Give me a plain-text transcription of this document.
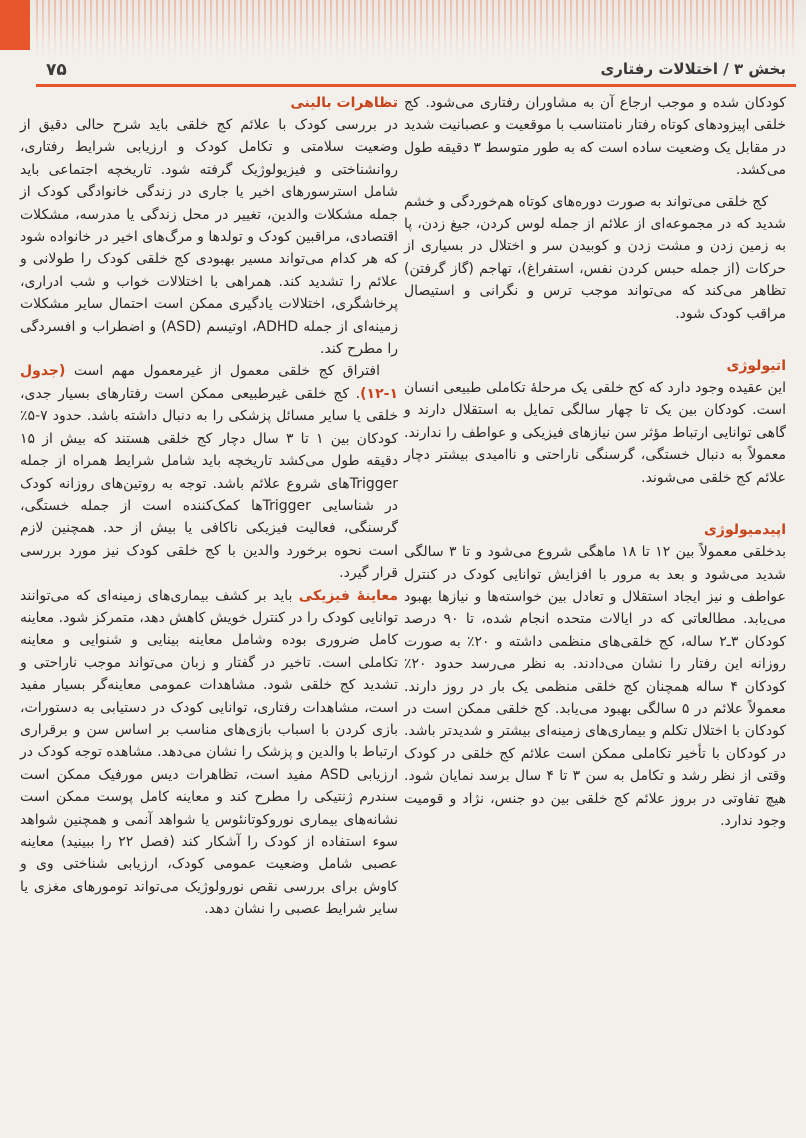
بخش ۳ / اختلالات رفتاری
۷۵

کودکان شده و موجب ارجاع آن به مشاوران رفتاری می‌شود. کج خلقی اپیزودهای کوتاه رفتار نامتناسب با موقعیت و عصبانیت شدید در مقابل یک وضعیت ساده است که به طور متوسط ۳ دقیقه طول می‌کشد.

کج خلقی می‌تواند به صورت دوره‌های کوتاه هم‌خوردگی و خشم شدید که در مجموعه‌ای از علائم از جمله لوس کردن، جیغ زدن، پا به زمین زدن و مشت زدن و کوبیدن سر و اختلال در بسیاری از حرکات (از جمله حبس کردن نفس، استفراغ)، تهاجم (گاز گرفتن) تظاهر می‌کند که می‌تواند موجب ترس و نگرانی و استیصال مراقب کودک شود.

اتیولوژی

این عقیده وجود دارد که کج خلقی یک مرحلهٔ تکاملی طبیعی انسان است. کودکان بین یک تا چهار سالگی تمایل به استقلال دارند و گاهی توانایی ارتباط مؤثر سن نیازهای فیزیکی و عواطف را ندارند. معمولاً به دنبال خستگی، گرسنگی ناراحتی و ناامیدی بیشتر دچار علائم کج خلقی می‌شوند.

اپیدمیولوژی

بدخلقی معمولاً بین ۱۲ تا ۱۸ ماهگی شروع می‌شود و تا ۳ سالگی شدید می‌شود و بعد به مرور با افزایش توانایی کودک در کنترل عواطف و نیز ایجاد استقلال و تعادل بین خواسته‌ها و نیازها بهبود می‌یابد. مطالعاتی که در ایالات متحده انجام شده، تا ۹۰ درصد کودکان ۳ـ۲ ساله، کج خلقی‌های منظمی داشته و ۲۰٪ به صورت روزانه این رفتار را نشان می‌دادند. به نظر می‌رسد حدود ۲۰٪ کودکان ۴ ساله همچنان کج خلقی منظمی یک بار در روز دارند. معمولاً علائم در ۵ سالگی بهبود می‌یابد. کج خلقی ممکن است در کودکان با اختلال تکلم و بیماری‌های زمینه‌ای بیشتر و شدیدتر باشد. در کودکان با تأخیر تکاملی ممکن است علائم کج خلقی در کودک وقتی از نظر رشد و تکامل به سن ۳ تا ۴ سال برسد نمایان شود. هیچ تفاوتی در بروز علائم کج خلقی بین دو جنس، نژاد و قومیت وجود ندارد.

تظاهرات بالینی

در بررسی کودک با علائم کج خلقی باید شرح حالی دقیق از وضعیت سلامتی و تکامل کودک و ارزیابی شرایط رفتاری، روانشناختی و فیزیولوژیک گرفته شود. تاریخچه اجتماعی باید شامل استرسورهای اخیر یا جاری در زندگی خانوادگی کودک از جمله مشکلات والدین، تغییر در محل زندگی یا مدرسه، مشکلات اقتصادی، مراقبین کودک و تولدها و مرگ‌های اخیر در خانواده شود که هر کدام می‌تواند مسیر بهبودی کج خلقی کودک را طولانی و علائم را تشدید کند. همراهی با اختلالات خواب و شب ادراری، پرخاشگری، اختلالات یادگیری ممکن است احتمال سایر مشکلات زمینه‌ای از جمله ADHD، اوتیسم (ASD) و اضطراب و افسردگی را مطرح کند.

افتراق کج خلقی معمول از غیرمعمول مهم است (جدول ۱-۱۲). کج خلقی غیرطبیعی ممکن است رفتارهای بسیار جدی، خلقی یا سایر مسائل پزشکی را به دنبال داشته باشد. حدود ۷-۵٪ کودکان بین ۱ تا ۳ سال دچار کج خلقی هستند که بیش از ۱۵ دقیقه طول می‌کشد تاریخچه باید شامل شرایط همراه از جمله Triggerهای شروع علائم باشد. توجه به روتین‌های روزانه کودک در شناسایی Triggerها کمک‌کننده است از جمله خستگی، گرسنگی، فعالیت فیزیکی ناکافی یا بیش از حد. همچنین لازم است نحوه برخورد والدین با کج خلقی کودک نیز مورد بررسی قرار گیرد.

معاینهٔ فیزیکی باید بر کشف بیماری‌های زمینه‌ای که می‌توانند توانایی کودک را در کنترل خویش کاهش دهد، متمرکز شود. معاینه کامل ضروری بوده وشامل معاینه بینایی و شنوایی و معاینه تکاملی است. تاخیر در گفتار و زبان می‌تواند موجب ناراحتی و تشدید کج خلقی شود. مشاهدات عمومی معاینه‌گر بسیار مفید است، مشاهدات رفتاری، توانایی کودک در دستیابی به دستورات، بازی کردن با اسباب بازی‌های مناسب بر اساس سن و برقراری ارتباط با والدین و پزشک را نشان می‌دهد. مشاهده توجه کودک در ارزیابی ASD مفید است، تظاهرات دیس مورفیک ممکن است سندرم ژنتیکی را مطرح کند و معاینه کامل پوست ممکن است نشانه‌های بیماری نوروکوتانئوس یا شواهد آنمی و همچنین شواهد سوء استفاده از کودک را آشکار کند (فصل ۲۲ را ببینید) معاینه عصبی شامل وضعیت عمومی کودک، ارزیابی شناختی وی و کاوش برای بررسی نقص نورولوژیک می‌تواند تومورهای مغزی یا سایر شرایط عصبی را نشان دهد.
